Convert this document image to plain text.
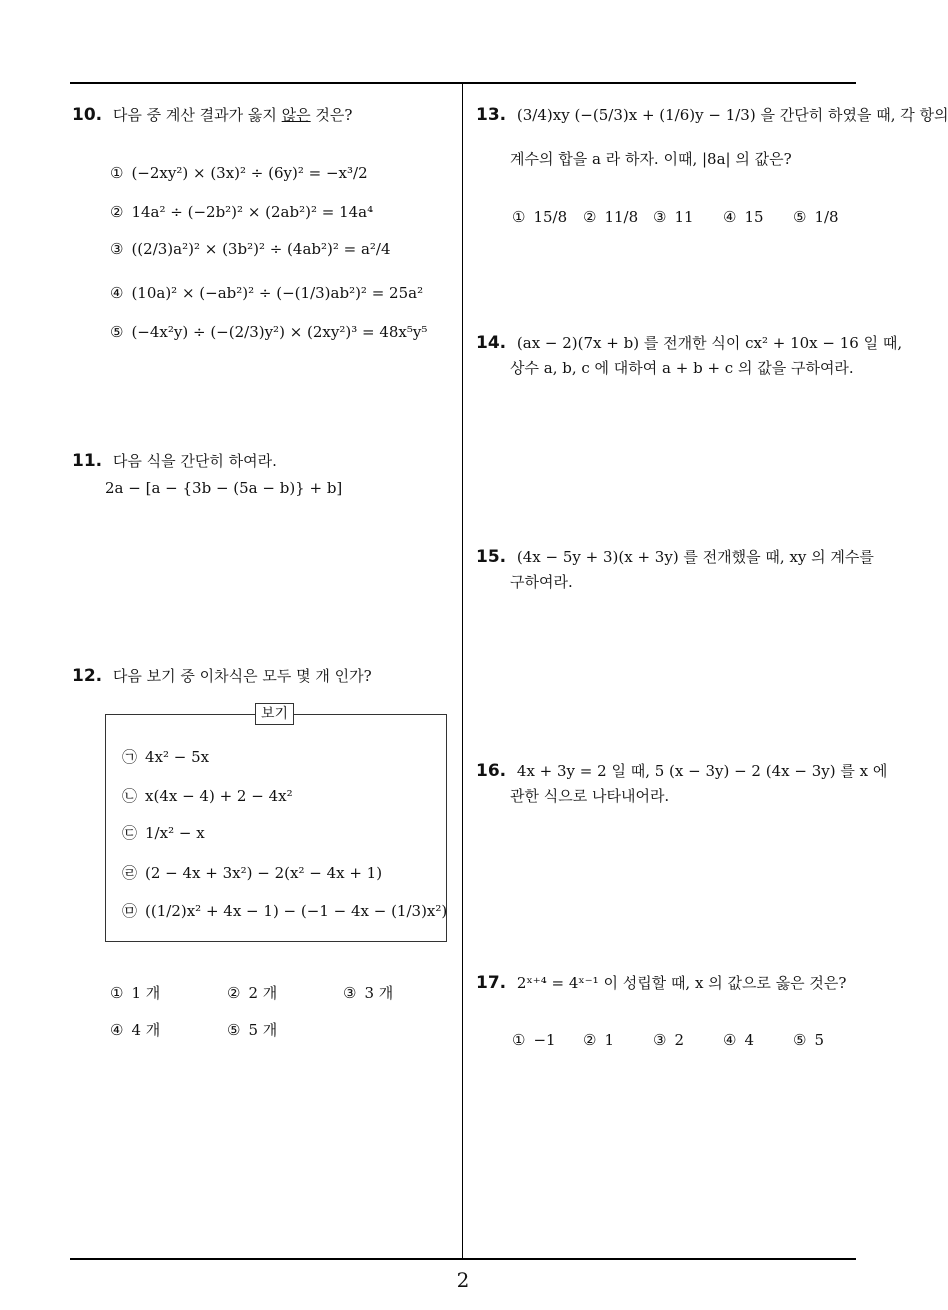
10. 다음 중 계산 결과가 옳지 않은 것은?
① (−2xy²) × (3x)² ÷ (6y)² = −x³/2
② 14a² ÷ (−2b²)² × (2ab²)² = 14a⁴
③ ((2/3)a²)² × (3b²)² ÷ (4ab²)² = a²/4
④ (10a)² × (−ab²)² ÷ (−(1/3)ab²)² = 25a²
⑤ (−4x²y) ÷ (−(2/3)y²) × (2xy²)³ = 48x⁵y⁵
11. 다음 식을 간단히 하여라.
2a − [a − {3b − (5a − b)} + b]
12. 다음 보기 중 이차식은 모두 몇 개 인가?
보기
㉠ 4x² − 5x
㉡ x(4x − 4) + 2 − 4x²
㉢ 1/x² − x
㉣ (2 − 4x + 3x²) − 2(x² − 4x + 1)
㉤ ((1/2)x² + 4x − 1) − (−1 − 4x − (1/3)x²)
① 1 개	② 2 개	③ 3 개
④ 4 개	⑤ 5 개
13. (3/4)xy (−(5/3)x + (1/6)y − 1/3) 을 간단히 하였을 때, 각 항의
계수의 합을 a 라 하자. 이때, |8a| 의 값은?
① 15/8 ② 11/8 ③ 11 ④ 15 ⑤ 1/8
14. (ax − 2)(7x + b) 를 전개한 식이 cx² + 10x − 16 일 때,
상수 a, b, c 에 대하여 a + b + c 의 값을 구하여라.
15. (4x − 5y + 3)(x + 3y) 를 전개했을 때, xy 의 계수를
구하여라.
16. 4x + 3y = 2 일 때, 5 (x − 3y) − 2 (4x − 3y) 를 x 에
관한 식으로 나타내어라.
17. 2ˣ⁺⁴ = 4ˣ⁻¹ 이 성립할 때, x 의 값으로 옳은 것은?
① −1 ② 1	③ 2	④ 4	⑤ 5
2
